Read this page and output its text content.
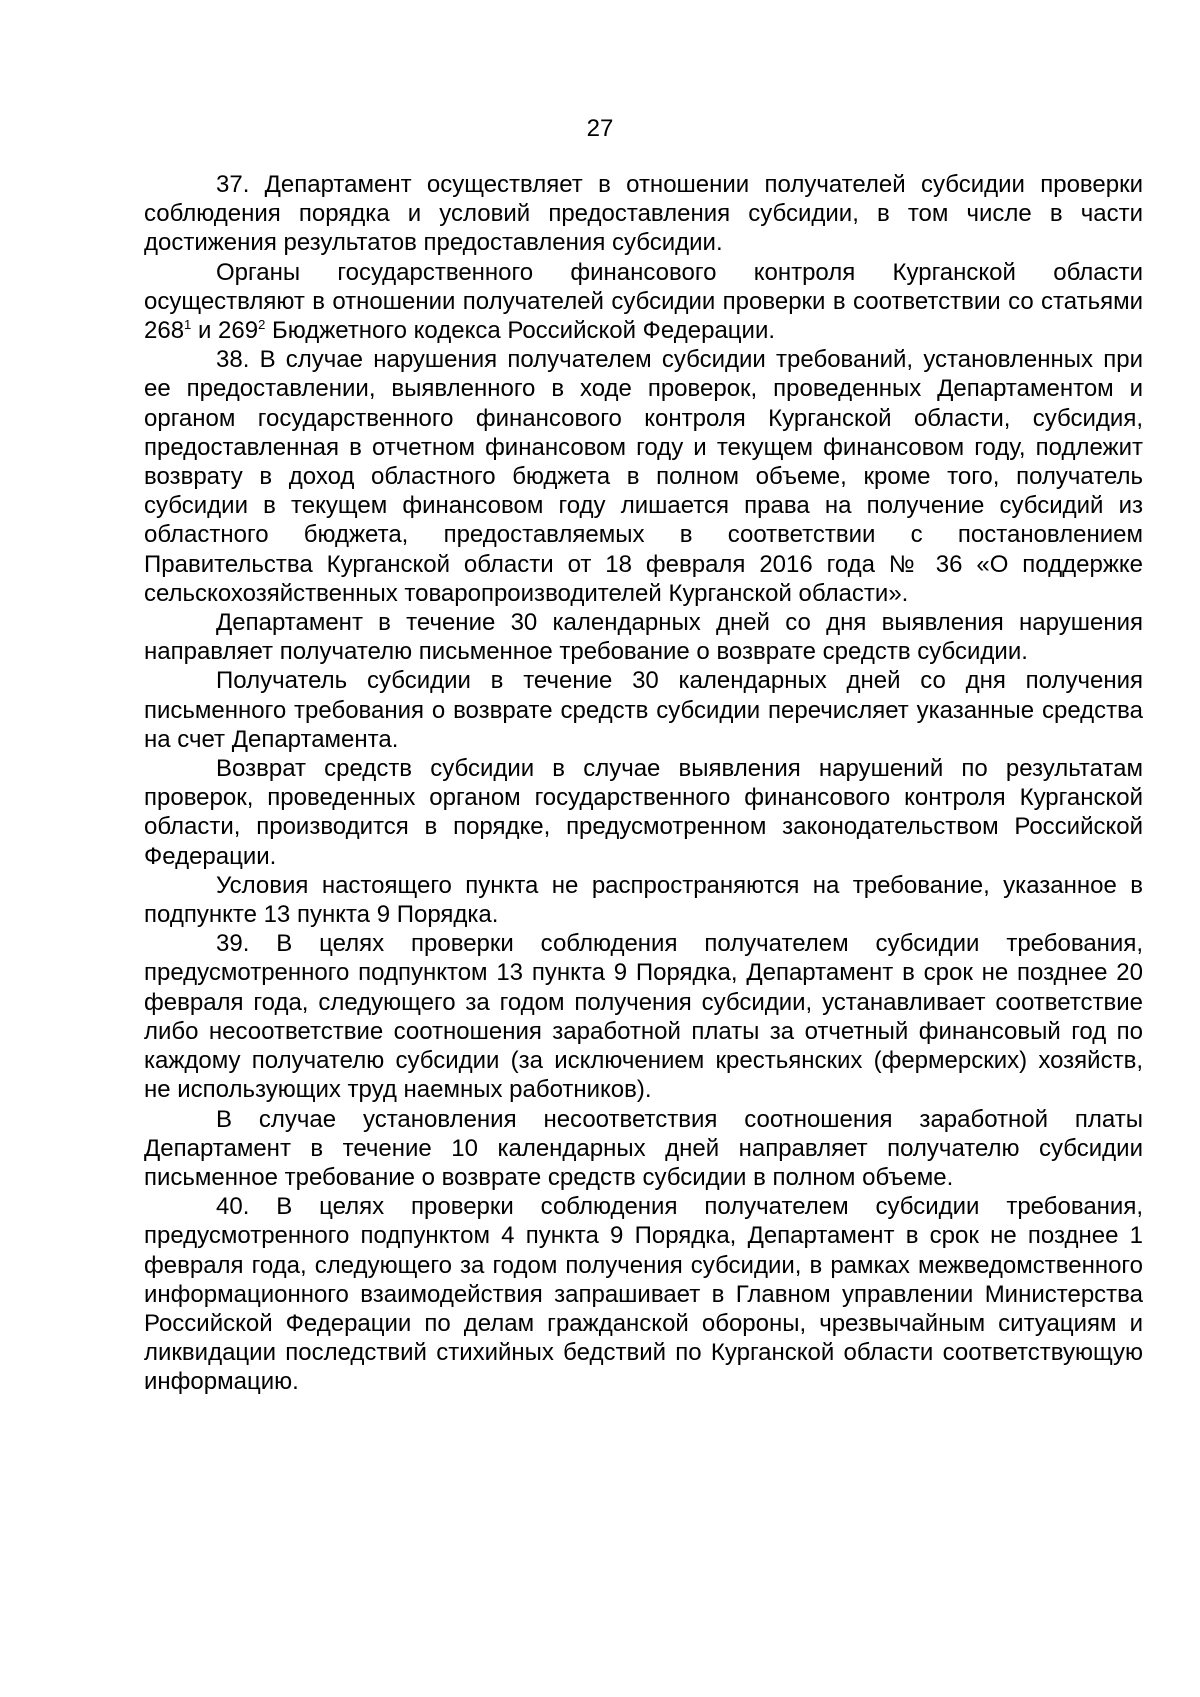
27

37. Департамент осуществляет в отношении получателей субсидии проверки соблюдения порядка и условий предоставления субсидии, в том числе в части достижения результатов предоставления субсидии.

Органы государственного финансового контроля Курганской области осуществляют в отношении получателей субсидии проверки в соответствии со статьями $268^1$ и $269^2$ Бюджетного кодекса Российской Федерации.

38. В случае нарушения получателем субсидии требований, установленных при ее предоставлении, выявленного в ходе проверок, проведенных Департаментом и органом государственного финансового контроля Курганской области, субсидия, предоставленная в отчетном финансовом году и текущем финансовом году, подлежит возврату в доход областного бюджета в полном объеме, кроме того, получатель субсидии в текущем финансовом году лишается права на получение субсидий из областного бюджета, предоставляемых в соответствии с постановлением Правительства Курганской области от 18 февраля 2016 года № 36 «О поддержке сельскохозяйственных товаропроизводителей Курганской области».

Департамент в течение 30 календарных дней со дня выявления нарушения направляет получателю письменное требование о возврате средств субсидии.

Получатель субсидии в течение 30 календарных дней со дня получения письменного требования о возврате средств субсидии перечисляет указанные средства на счет Департамента.

Возврат средств субсидии в случае выявления нарушений по результатам проверок, проведенных органом государственного финансового контроля Курганской области, производится в порядке, предусмотренном законодательством Российской Федерации.

Условия настоящего пункта не распространяются на требование, указанное в подпункте 13 пункта 9 Порядка.

39. В целях проверки соблюдения получателем субсидии требования, предусмотренного подпунктом 13 пункта 9 Порядка, Департамент в срок не позднее 20 февраля года, следующего за годом получения субсидии, устанавливает соответствие либо несоответствие соотношения заработной платы за отчетный финансовый год по каждому получателю субсидии (за исключением крестьянских (фермерских) хозяйств, не использующих труд наемных работников).

В случае установления несоответствия соотношения заработной платы Департамент в течение 10 календарных дней направляет получателю субсидии письменное требование о возврате средств субсидии в полном объеме.

40. В целях проверки соблюдения получателем субсидии требования, предусмотренного подпунктом 4 пункта 9 Порядка, Департамент в срок не позднее 1 февраля года, следующего за годом получения субсидии, в рамках межведомственного информационного взаимодействия запрашивает в Главном управлении Министерства Российской Федерации по делам гражданской обороны, чрезвычайным ситуациям и ликвидации последствий стихийных бедствий по Курганской области соответствующую информацию.
